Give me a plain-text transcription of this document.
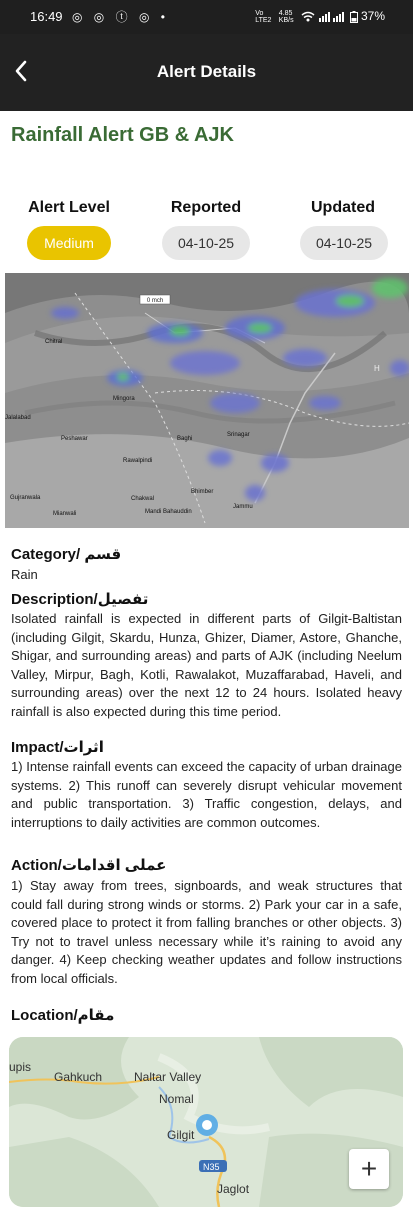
16:49 ◎ ◎ ⓣ ◎ •	Vo
LTE2 4.85
KB/s	37%
Alert Details
Rainfall Alert GB & AJK
Alert Level	Reported	Updated
Medium	04-10-25	04-10-25
0 mch
Chitral
Mingora
Jalalabad
Peshawar
Rawalpindi
Baghi
Srinagar
Chakwal
Bhimber
Jammu
Gujranwala
Mianwali	Mandi Bahauddin
H
Category/ قسم
Rain
Description/تفصیل
Isolated rainfall is expected in different parts of Gilgit-Baltistan (including Gilgit, Skardu, Hunza, Ghizer, Diamer, Astore, Ghanche, Shigar, and surrounding areas) and parts of AJK (including Neelum Valley, Mirpur, Bagh, Kotli, Rawalakot, Muzaffarabad, Haveli, and surrounding areas) over the next 12 to 24 hours. Isolated heavy rainfall is also expected during this time period.
Impact/اثرات
1) Intense rainfall events can exceed the capacity of urban drainage systems. 2) This runoff can severely disrupt vehicular movement and public transportation. 3) Traffic congestion, delays, and interruptions to daily activities are common outcomes.
Action/عملی اقدامات
1) Stay away from trees, signboards, and weak structures that could fall during strong winds or storms. 2) Park your car in a safe, covered place to protect it from falling branches or other objects. 3) Try not to travel unless necessary while it’s raining to avoid any danger. 4) Keep checking weather updates and follow instructions from local officials.
Location/مقام
upis
Gahkuch	Naltar Valley
Nomal
Gilgit
N35
Jaglot
+
